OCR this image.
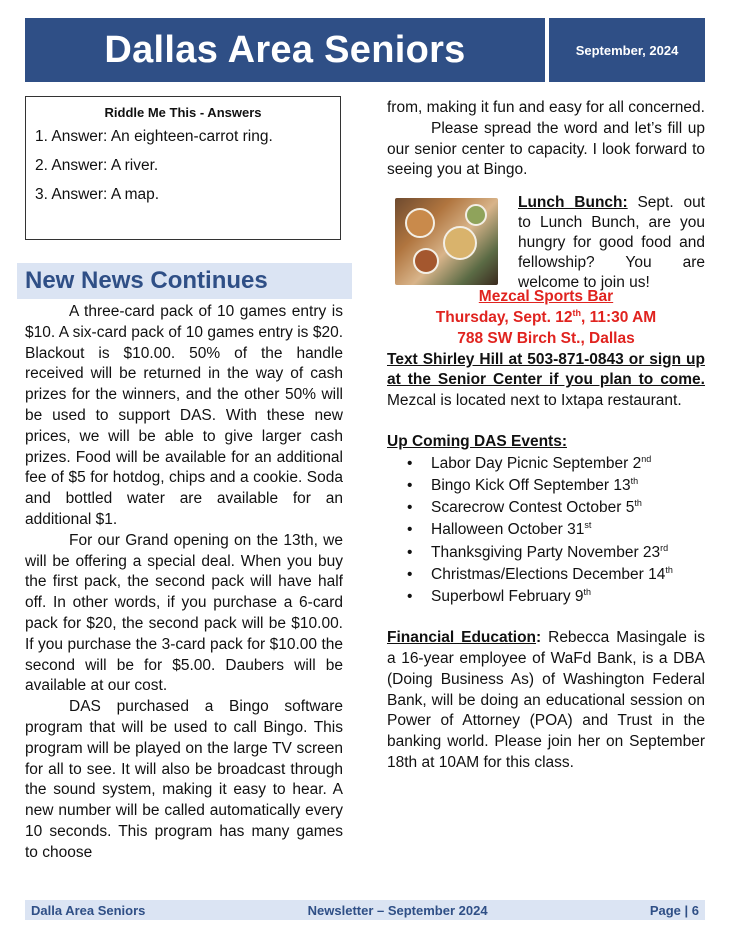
Dallas Area Seniors	September, 2024
Riddle Me This - Answers
1. Answer: An eighteen-carrot ring.
2. Answer: A river.
3. Answer: A map.
New News Continues

A three-card pack of 10 games entry is $10. A six-card pack of 10 games entry is $20. Blackout is $10.00. 50% of the handle received will be returned in the way of cash prizes for the winners, and the other 50% will be used to support DAS. With these new prices, we will be able to give larger cash prizes. Food will be available for an additional fee of $5 for hotdog, chips and a cookie. Soda and bottled water are available for an additional $1.

For our Grand opening on the 13th, we will be offering a special deal. When you buy the first pack, the second pack will have half off. In other words, if you purchase a 6-card pack for $20, the second pack will be $10.00. If you purchase the 3-card pack for $10.00 the second will be for $5.00. Daubers will be available at our cost.

DAS purchased a Bingo software program that will be used to call Bingo. This program will be played on the large TV screen for all to see. It will also be broadcast through the sound system, making it easy to hear. A new number will be called automatically every 10 seconds. This program has many games to choose

from, making it fun and easy for all concerned.

Please spread the word and let’s fill up our senior center to capacity. I look forward to seeing you at Bingo.

Lunch Bunch: Sept. out to Lunch Bunch, are you hungry for good food and fellowship? You are welcome to join us!
Mezcal Sports Bar
Thursday, Sept. 12th, 11:30 AM
788 SW Birch St., Dallas

Text Shirley Hill at 503-871-0843 or sign up at the Senior Center if you plan to come. Mezcal is located next to Ixtapa restaurant.

Up Coming DAS Events:
• Labor Day Picnic September 2nd
• Bingo Kick Off September 13th
• Scarecrow Contest October 5th
• Halloween October 31st
• Thanksgiving Party November 23rd
• Christmas/Elections December 14th
• Superbowl February 9th

Financial Education: Rebecca Masingale is a 16-year employee of WaFd Bank, is a DBA (Doing Business As) of Washington Federal Bank, will be doing an educational session on Power of Attorney (POA) and Trust in the banking world. Please join her on September 18th at 10AM for this class.

Dalla Area Seniors	Newsletter – September 2024	Page | 6
